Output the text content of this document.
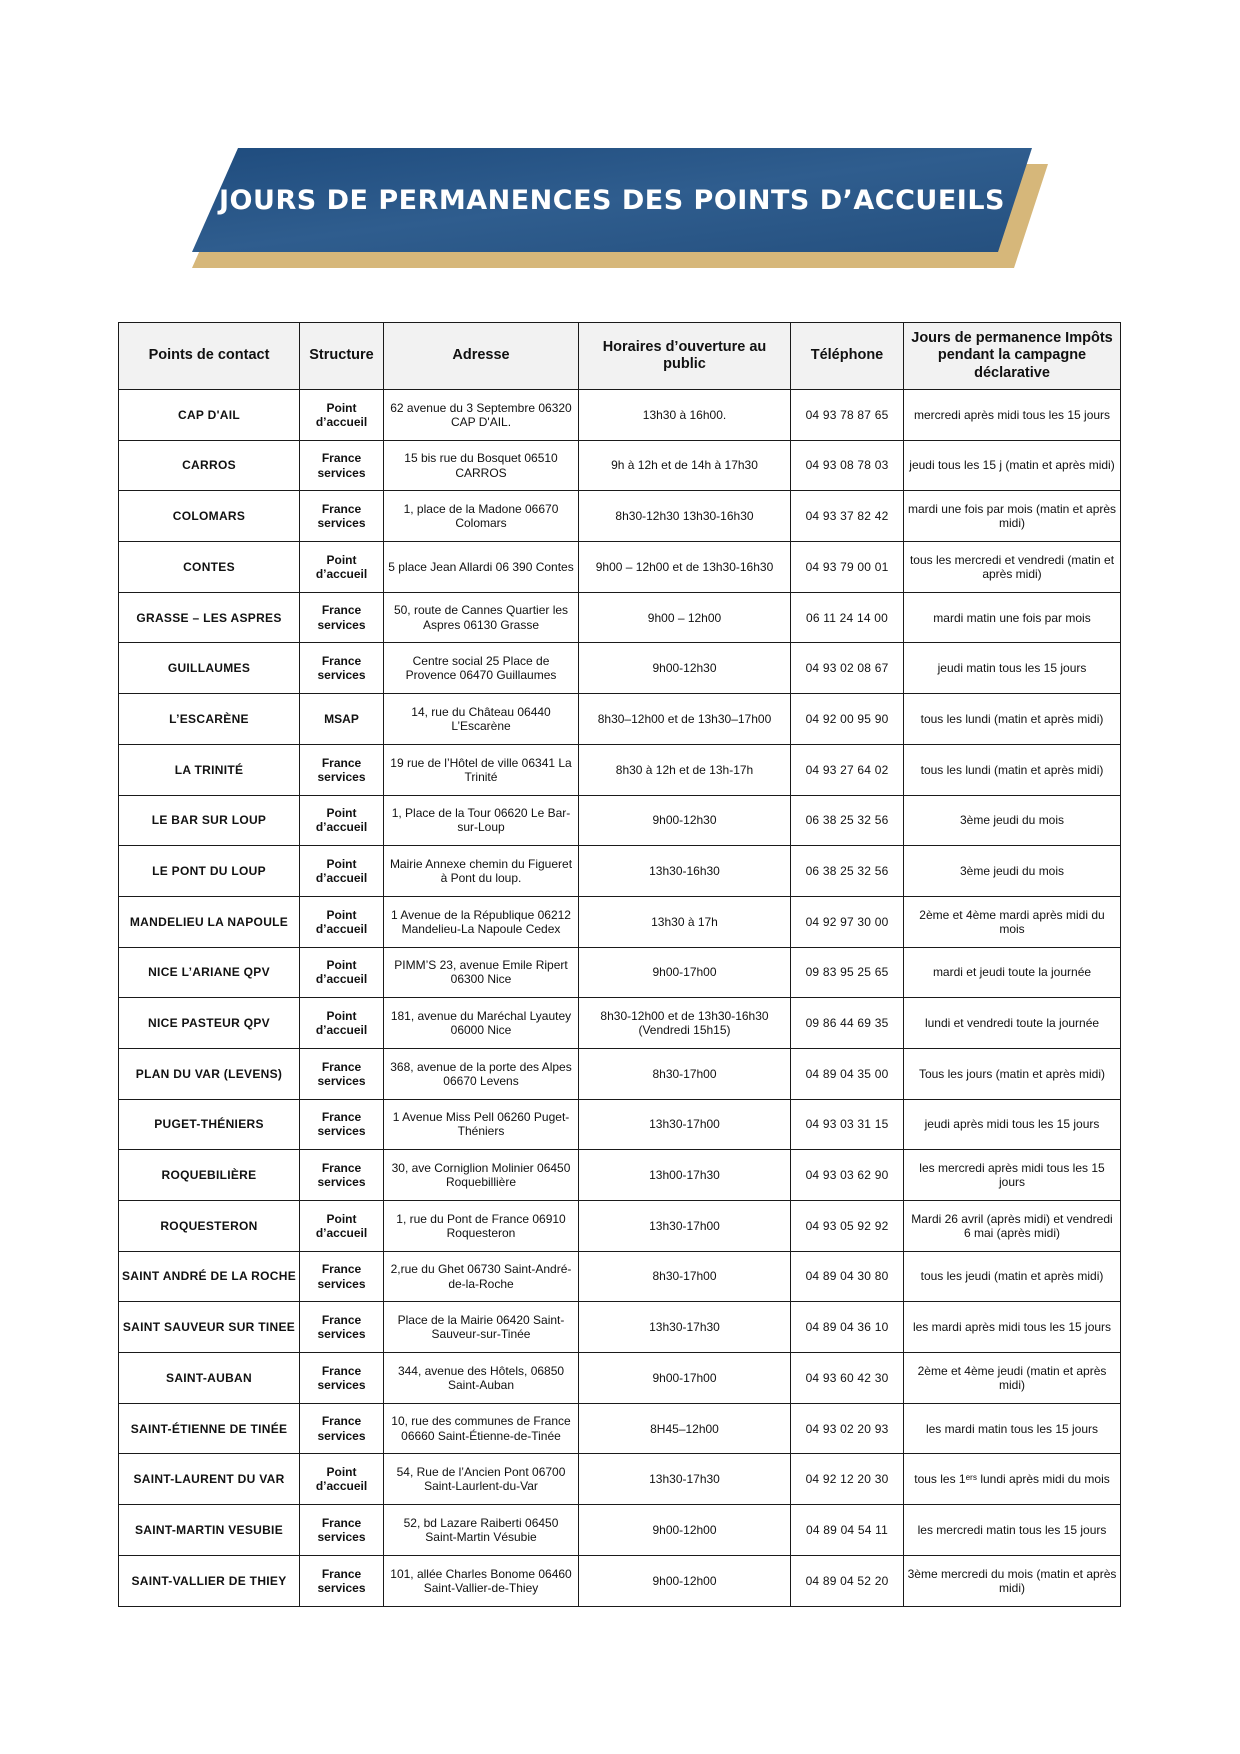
JOURS DE PERMANENCES DES POINTS D’ACCUEILS
Points de contact	Structure	Adresse	Horaires d’ouverture au public	Téléphone	Jours de permanence Impôts pendant la campagne déclarative
CAP D'AIL	Point d’accueil	62 avenue du 3 Septembre 06320 CAP D'AIL.	13h30 à 16h00.	04 93 78 87 65	mercredi après midi tous les 15 jours
CARROS	France services	15 bis rue du Bosquet 06510 CARROS	9h à 12h et de 14h à 17h30	04 93 08 78 03	jeudi tous les 15 j (matin et après midi)
COLOMARS	France services	1, place de la Madone 06670 Colomars	8h30-12h30 13h30-16h30	04 93 37 82 42	mardi une fois par mois (matin et après midi)
CONTES	Point d’accueil	5 place Jean Allardi 06 390 Contes	9h00 – 12h00 et de 13h30-16h30	04 93 79 00 01	tous les mercredi et vendredi (matin et après midi)
GRASSE – LES ASPRES	France services	50, route de Cannes Quartier les Aspres 06130 Grasse	9h00 – 12h00	06 11 24 14 00	mardi matin une fois par mois
GUILLAUMES	France services	Centre social 25 Place de Provence 06470 Guillaumes	9h00-12h30	04 93 02 08 67	jeudi matin tous les 15 jours
L’ESCARÈNE	MSAP	14, rue du Château 06440 L’Escarène	8h30–12h00 et de 13h30–17h00	04 92 00 95 90	tous les lundi (matin et après midi)
LA TRINITÉ	France services	19 rue de l’Hôtel de ville 06341 La Trinité	8h30 à 12h et de 13h-17h	04 93 27 64 02	tous les lundi (matin et après midi)
LE BAR SUR LOUP	Point d’accueil	1, Place de la Tour 06620 Le Bar-sur-Loup	9h00-12h30	06 38 25 32 56	3ème jeudi du mois
LE PONT DU LOUP	Point d’accueil	Mairie Annexe chemin du Figueret à Pont du loup.	13h30-16h30	06 38 25 32 56	3ème jeudi du mois
MANDELIEU LA NAPOULE	Point d’accueil	1 Avenue de la République 06212 Mandelieu-La Napoule Cedex	13h30 à 17h	04 92 97 30 00	2ème et 4ème mardi après midi du mois
NICE L’ARIANE QPV	Point d’accueil	PIMM’S 23, avenue Emile Ripert 06300 Nice	9h00-17h00	09 83 95 25 65	mardi et jeudi toute la journée
NICE PASTEUR QPV	Point d’accueil	181, avenue du Maréchal Lyautey 06000 Nice	8h30-12h00 et de 13h30-16h30 (Vendredi 15h15)	09 86 44 69 35	lundi et vendredi toute la journée
PLAN DU VAR (LEVENS)	France services	368, avenue de la porte des Alpes 06670 Levens	8h30-17h00	04 89 04 35 00	Tous les jours (matin et après midi)
PUGET-THÉNIERS	France services	1 Avenue Miss Pell 06260 Puget-Théniers	13h30-17h00	04 93 03 31 15	jeudi après midi tous les 15 jours
ROQUEBILIÈRE	France services	30, ave Corniglion Molinier 06450 Roquebillière	13h00-17h30	04 93 03 62 90	les mercredi après midi tous les 15 jours
ROQUESTERON	Point d’accueil	1, rue du Pont de France 06910 Roquesteron	13h30-17h00	04 93 05 92 92	Mardi 26 avril (après midi) et vendredi 6 mai (après midi)
SAINT ANDRÉ DE LA ROCHE	France services	2,rue du Ghet 06730 Saint-André-de-la-Roche	8h30-17h00	04 89 04 30 80	tous les jeudi (matin et après midi)
SAINT SAUVEUR SUR TINEE	France services	Place de la Mairie 06420 Saint-Sauveur-sur-Tinée	13h30-17h30	04 89 04 36 10	les mardi après midi tous les 15 jours
SAINT-AUBAN	France services	344, avenue des Hôtels, 06850 Saint-Auban	9h00-17h00	04 93 60 42 30	2ème et 4ème jeudi (matin et après midi)
SAINT-ÉTIENNE DE TINÉE	France services	10, rue des communes de France 06660 Saint-Étienne-de-Tinée	8H45–12h00	04 93 02 20 93	les mardi matin tous les 15 jours
SAINT-LAURENT DU VAR	Point d’accueil	54, Rue de l’Ancien Pont 06700 Saint-Laurlent-du-Var	13h30-17h30	04 92 12 20 30	tous les 1ᵉʳˢ lundi après midi du mois
SAINT-MARTIN VESUBIE	France services	52, bd Lazare Raiberti 06450 Saint-Martin Vésubie	9h00-12h00	04 89 04 54 11	les mercredi matin tous les 15 jours
SAINT-VALLIER DE THIEY	France services	101, allée Charles Bonome 06460 Saint-Vallier-de-Thiey	9h00-12h00	04 89 04 52 20	3ème mercredi du mois (matin et après midi)
